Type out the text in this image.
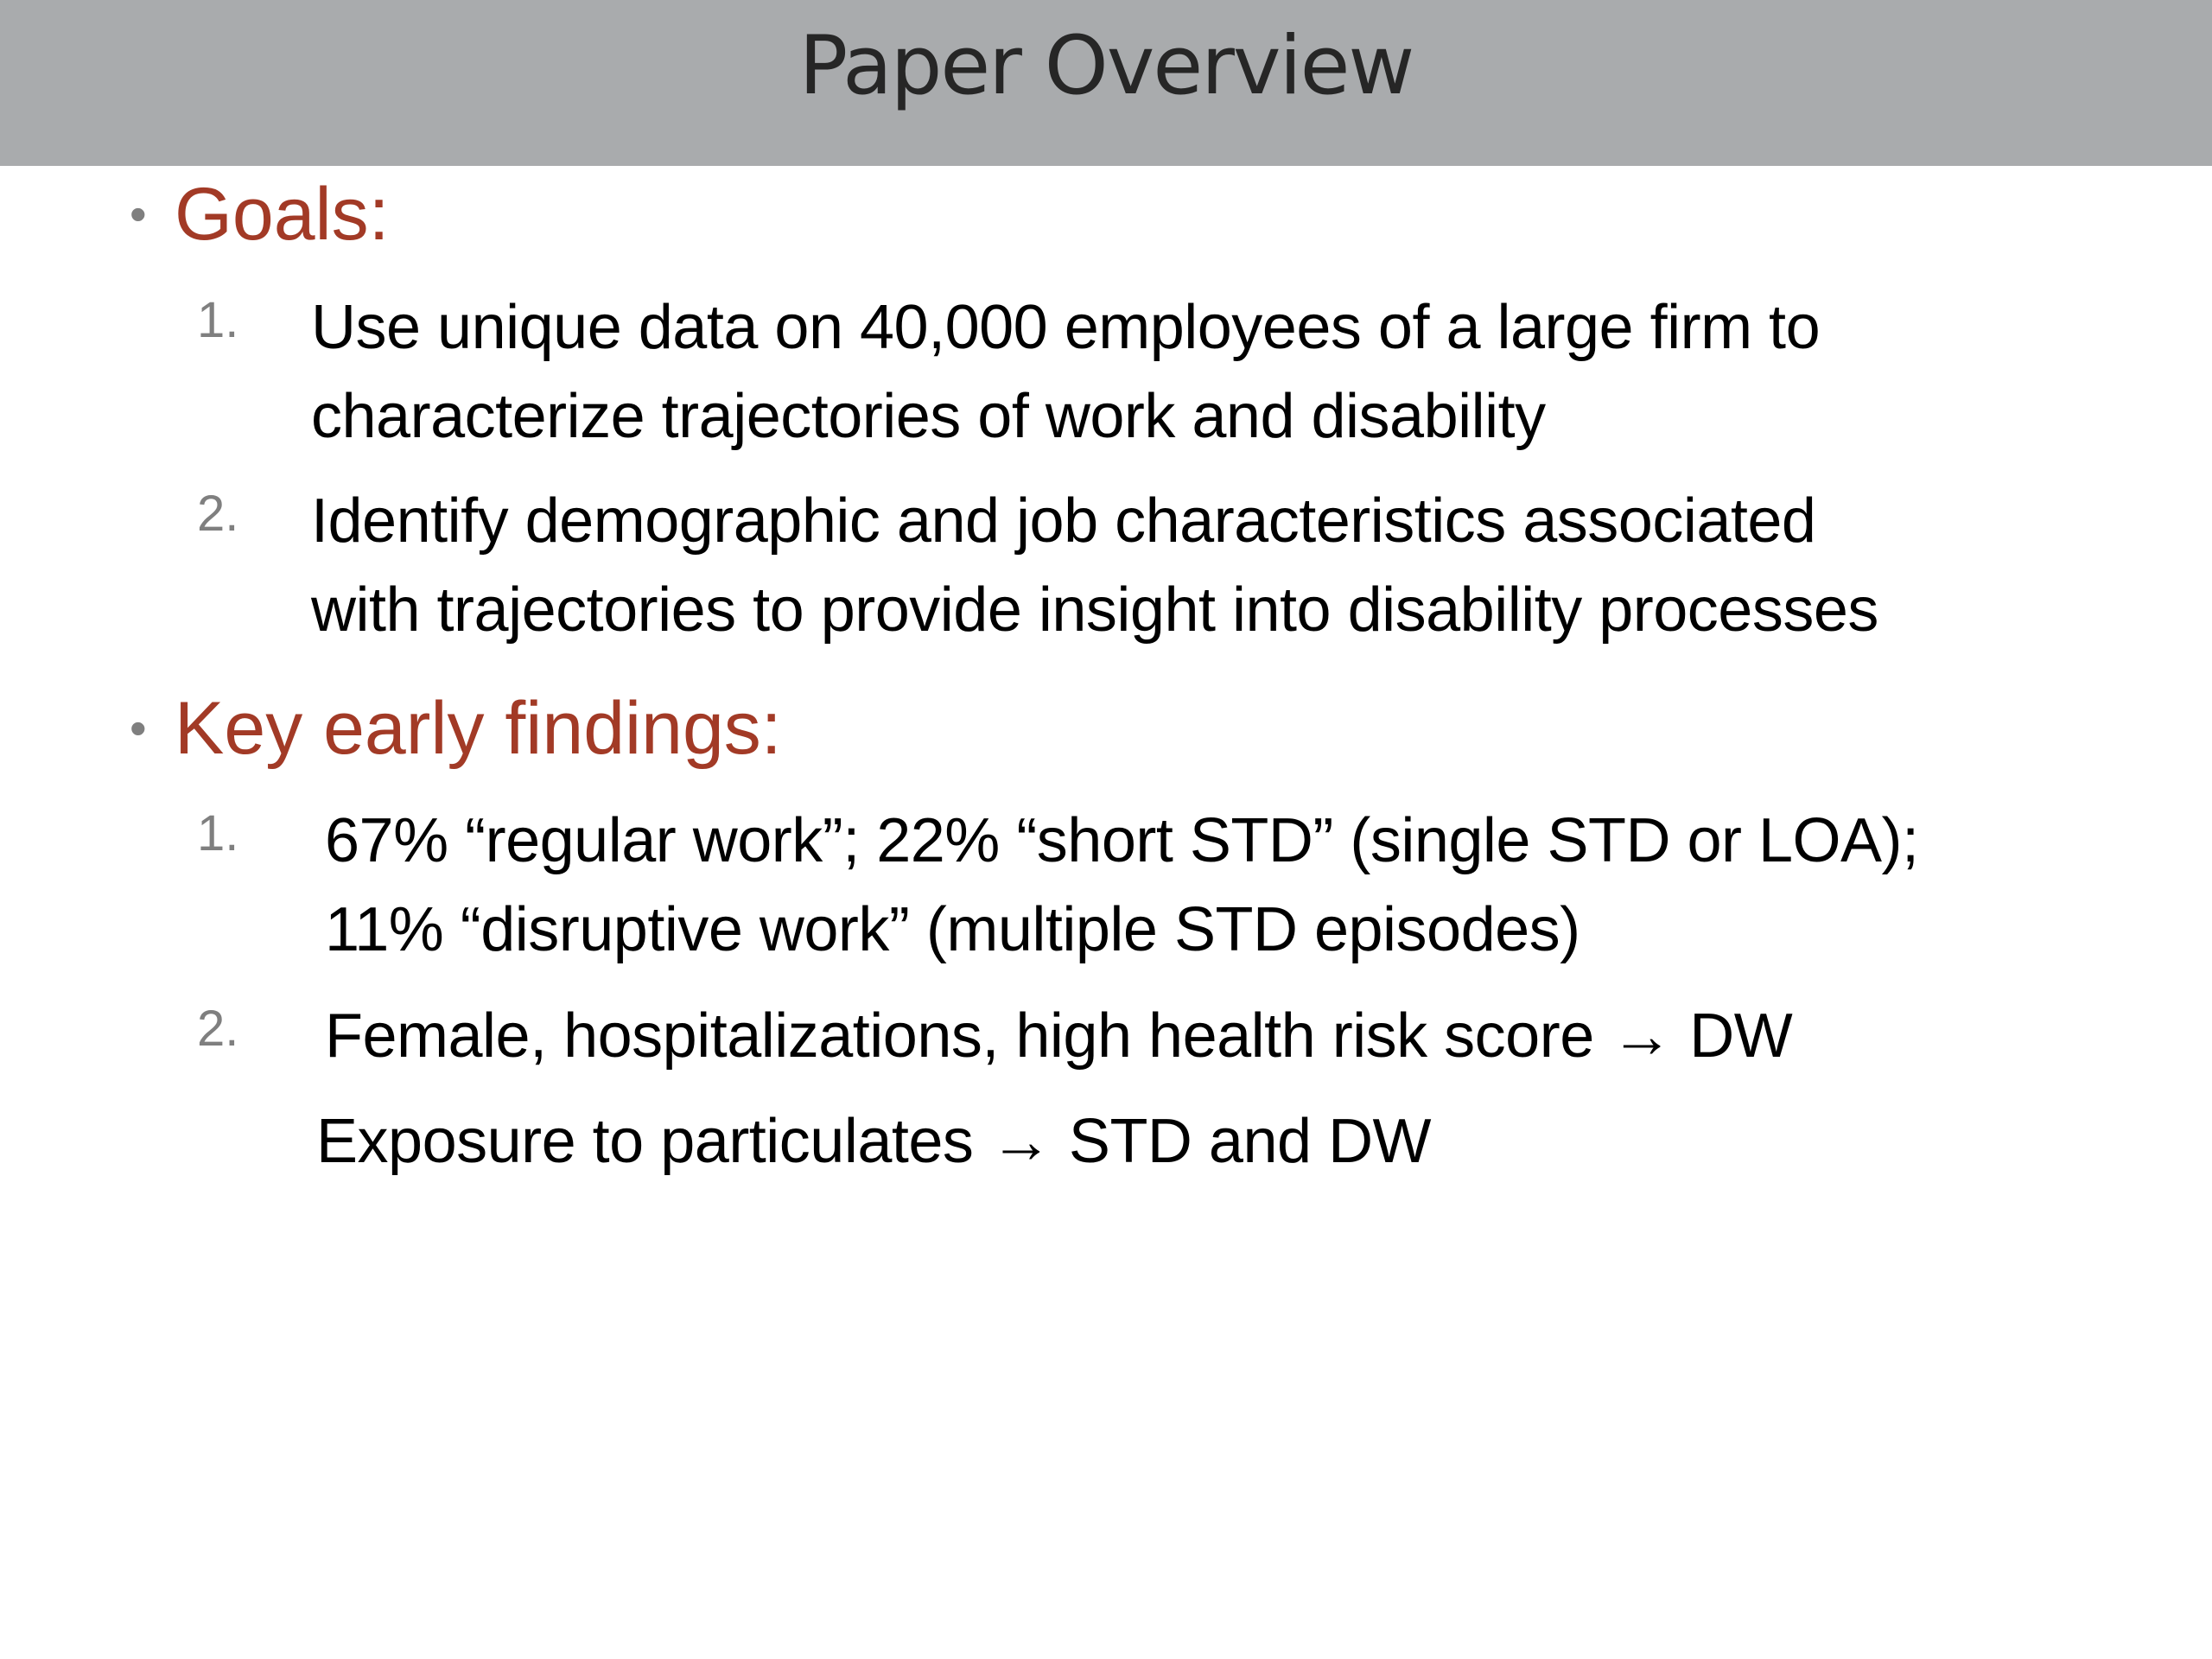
Paper Overview
• Goals:
1. Use unique data on 40,000 employees of a large firm to
characterize trajectories of work and disability
2. Identify demographic and job characteristics associated
with trajectories to provide insight into disability processes
• Key early findings:
1. 67% “regular work”; 22% “short STD” (single STD or LOA);
11% “disruptive work” (multiple STD episodes)
2. Female, hospitalizations, high health risk score → DW
Exposure to particulates → STD and DW
